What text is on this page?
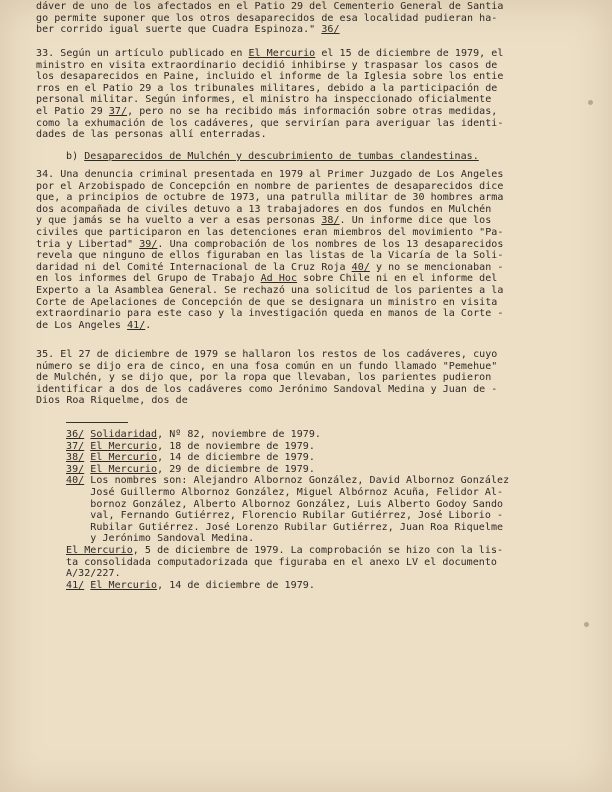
dáver de uno de los afectados en el Patio 29 del Cementerio General de Santia
go permite suponer que los otros desaparecidos de esa localidad pudieran ha-
ber corrido igual suerte que Cuadra Espinoza." 36/
33. Según un artículo publicado en El Mercurio el 15 de diciembre de 1979, el
ministro en visita extraordinario decidió inhibirse y traspasar los casos de
los desaparecidos en Paine, incluido el informe de la Iglesia sobre los entie
rros en el Patio 29 a los tribunales militares, debido a la participación de
personal militar. Según informes, el ministro ha inspeccionado oficialmente
el Patio 29 37/, pero no se ha recibido más información sobre otras medidas,
como la exhumación de los cadáveres, que servirían para averiguar las identi-
dades de las personas allí enterradas.
b) Desaparecidos de Mulchén y descubrimiento de tumbas clandestinas.
34. Una denuncia criminal presentada en 1979 al Primer Juzgado de Los Angeles
por el Arzobispado de Concepción en nombre de parientes de desaparecidos dice
que, a principios de octubre de 1973, una patrulla militar de 30 hombres arma
dos acompañada de civiles detuvo a 13 trabajadores en dos fundos en Mulchén
y que jamás se ha vuelto a ver a esas personas 38/. Un informe dice que los
civiles que participaron en las detenciones eran miembros del movimiento "Pa-
tria y Libertad" 39/. Una comprobación de los nombres de los 13 desaparecidos
revela que ninguno de ellos figuraban en las listas de la Vicaría de la Soli-
daridad ni del Comité Internacional de la Cruz Roja 40/ y no se mencionaban -
en los informes del Grupo de Trabajo Ad Hoc sobre Chile ni en el informe del
Experto a la Asamblea General. Se rechazó una solicitud de los parientes a la
Corte de Apelaciones de Concepción de que se designara un ministro en visita
extraordinario para este caso y la investigación queda en manos de la Corte -
de Los Angeles 41/.
35. El 27 de diciembre de 1979 se hallaron los restos de los cadáveres, cuyo
número se dijo era de cinco, en una fosa común en un fundo llamado "Pemehue"
de Mulchén, y se dijo que, por la ropa que llevaban, los parientes pudieron
identificar a dos de los cadáveres como Jerónimo Sandoval Medina y Juan de -
Dios Roa Riquelme, dos de
36/ Solidaridad, Nº 82, noviembre de 1979.
37/ El Mercurio, 18 de noviembre de 1979.
38/ El Mercurio, 14 de diciembre de 1979.
39/ El Mercurio, 29 de diciembre de 1979.
40/ Los nombres son: Alejandro Albornoz González, David Albornoz González
José Guillermo Albornoz González, Miguel Albórnoz Acuña, Felidor Al-
bornoz González, Alberto Albornoz González, Luis Alberto Godoy Sando
val, Fernando Gutiérrez, Florencio Rubilar Gutiérrez, José Liborio -
Rubilar Gutiérrez. José Lorenzo Rubilar Gutiérrez, Juan Roa Riquelme
y Jerónimo Sandoval Medina.
El Mercurio, 5 de diciembre de 1979. La comprobación se hizo con la lis-
ta consolidada computadorizada que figuraba en el anexo LV el documento
A/32/227.
41/ El Mercurio, 14 de diciembre de 1979.
